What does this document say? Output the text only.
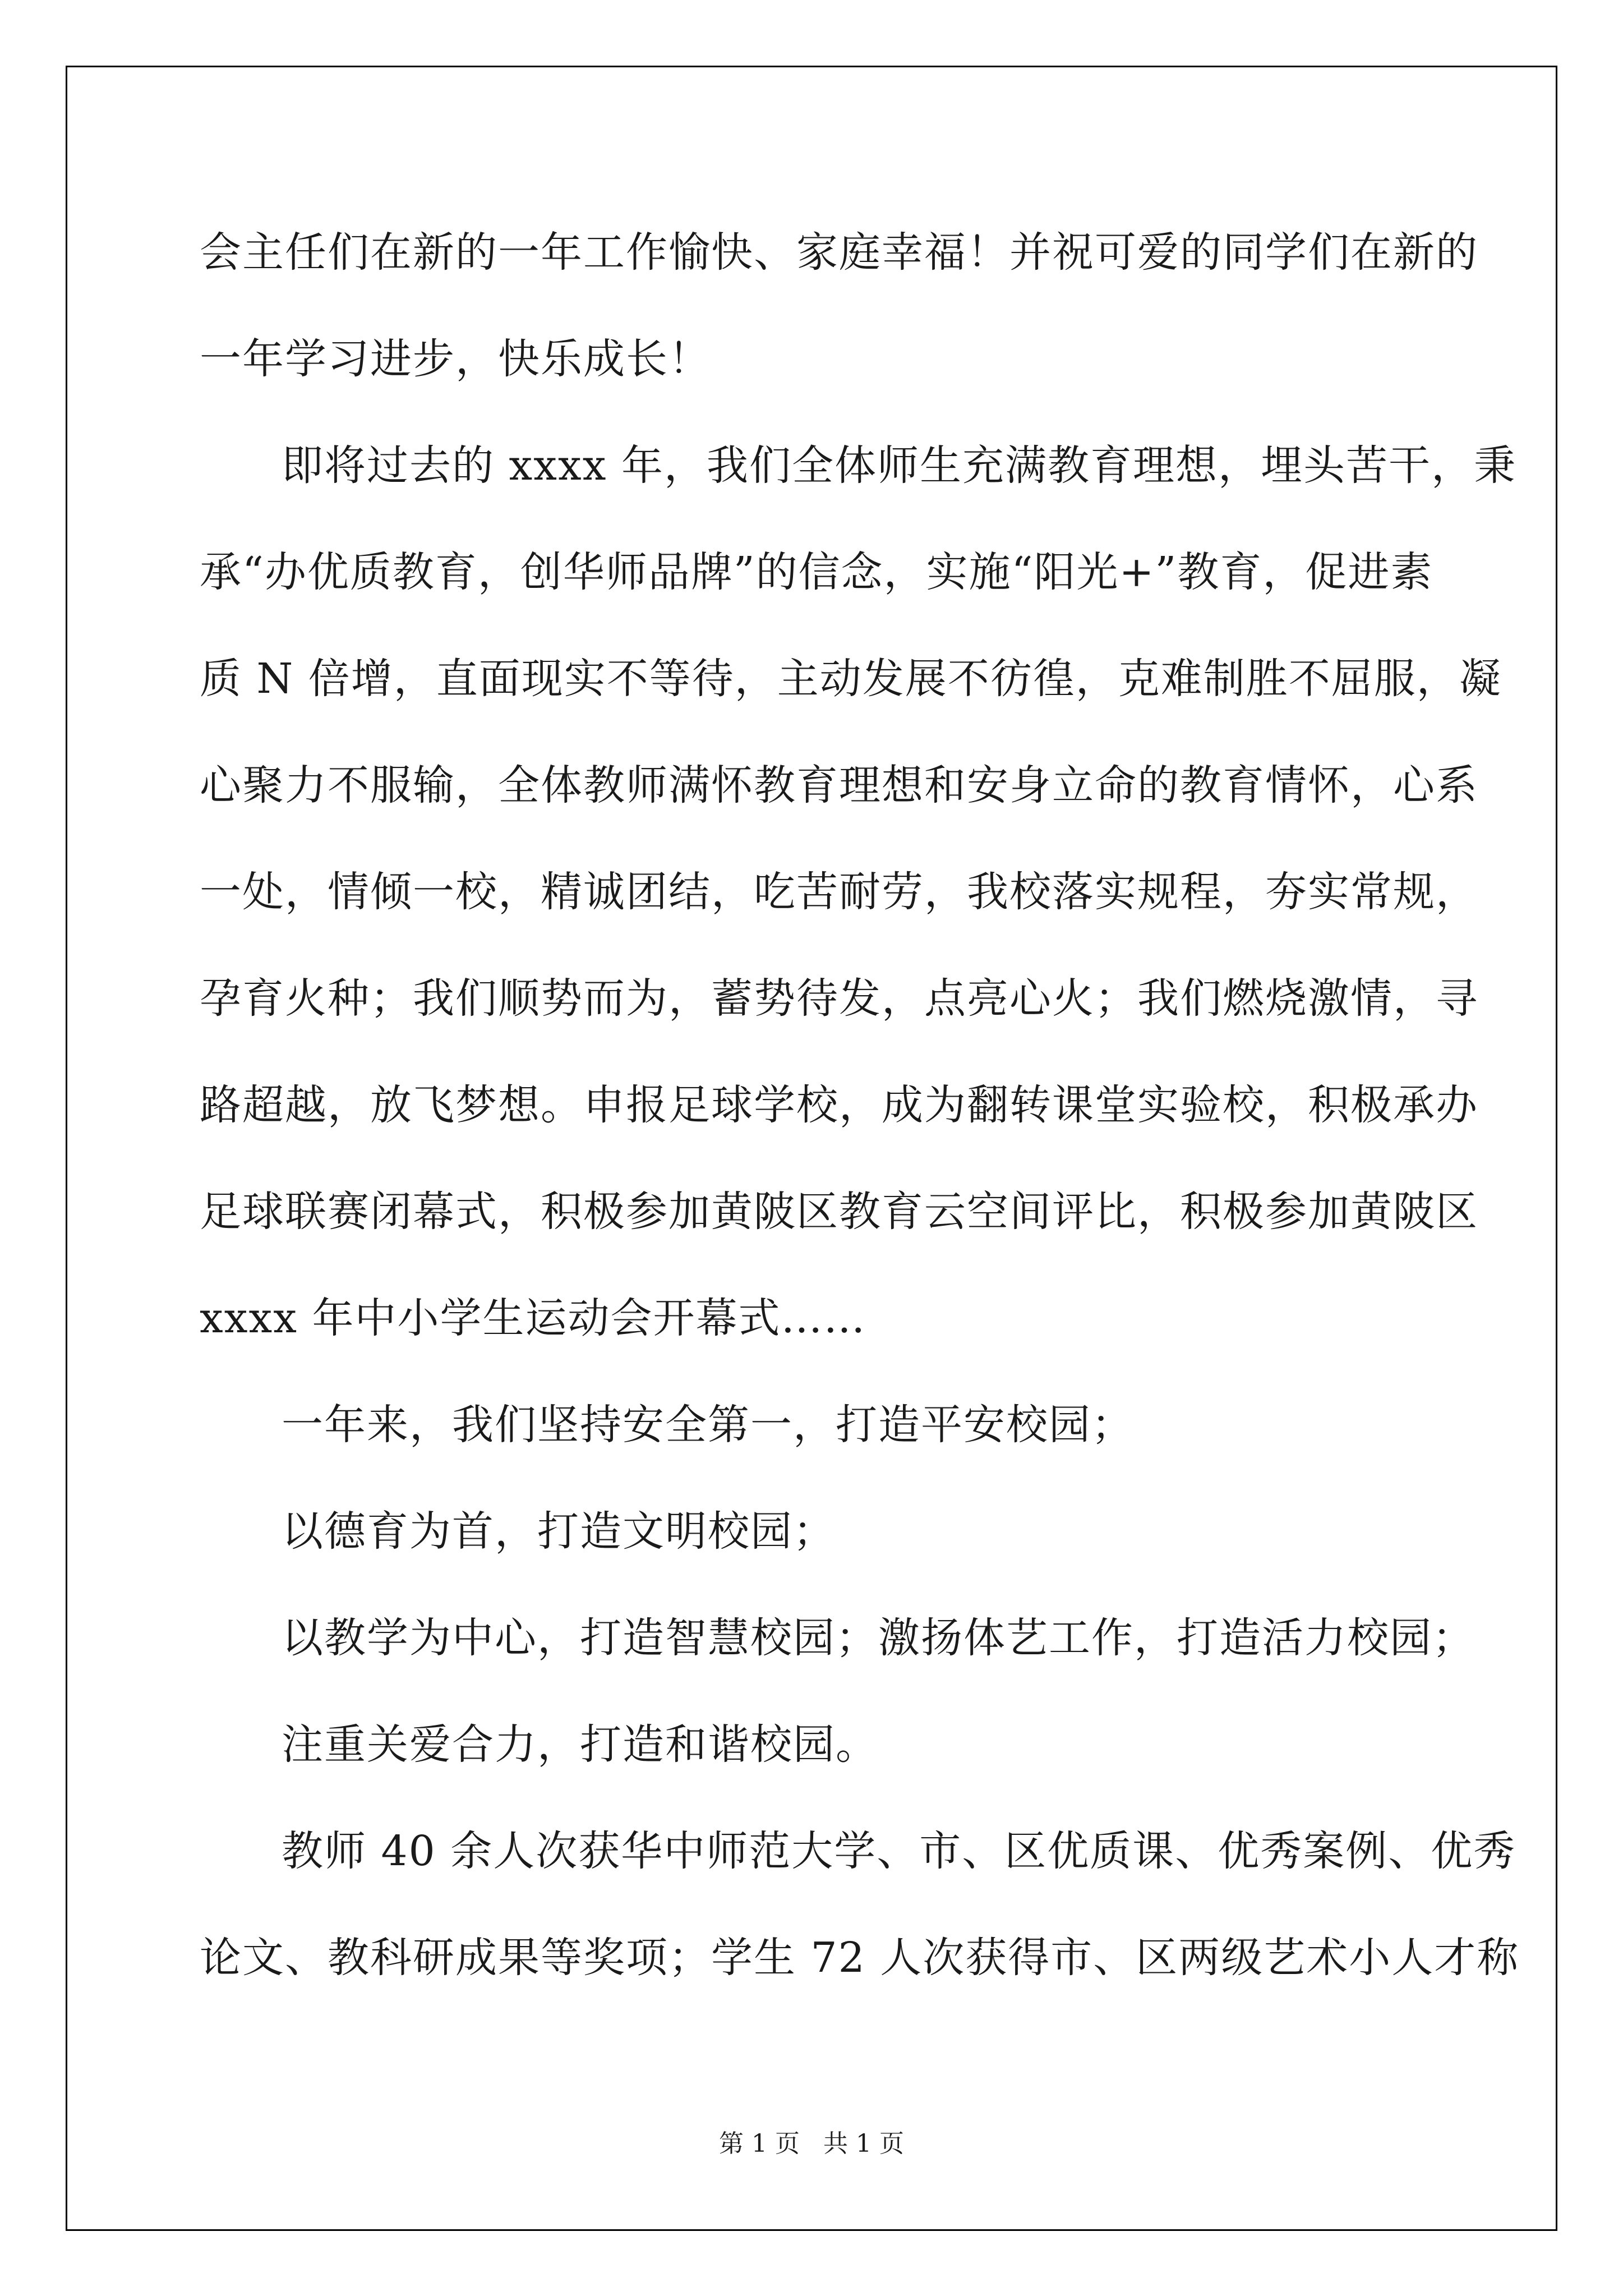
会主任们在新的一年工作愉快、家庭幸福！并祝可爱的同学们在新的

一年学习进步，快乐成长！

即将过去的 xxxx 年，我们全体师生充满教育理想，埋头苦干，秉

承“办优质教育，创华师品牌”的信念，实施“阳光+”教育，促进素

质 N 倍增，直面现实不等待，主动发展不彷徨，克难制胜不屈服，凝

心聚力不服输，全体教师满怀教育理想和安身立命的教育情怀，心系

一处，情倾一校，精诚团结，吃苦耐劳，我校落实规程，夯实常规，

孕育火种；我们顺势而为，蓄势待发，点亮心火；我们燃烧激情，寻

路超越，放飞梦想。申报足球学校，成为翻转课堂实验校，积极承办

足球联赛闭幕式，积极参加黄陂区教育云空间评比，积极参加黄陂区

xxxx 年中小学生运动会开幕式……

一年来，我们坚持安全第一，打造平安校园；

以德育为首，打造文明校园；

以教学为中心，打造智慧校园；激扬体艺工作，打造活力校园；

注重关爱合力，打造和谐校园。

教师 40 余人次获华中师范大学、市、区优质课、优秀案例、优秀

论文、教科研成果等奖项；学生 72 人次获得市、区两级艺术小人才称

第 1 页   共 1 页
